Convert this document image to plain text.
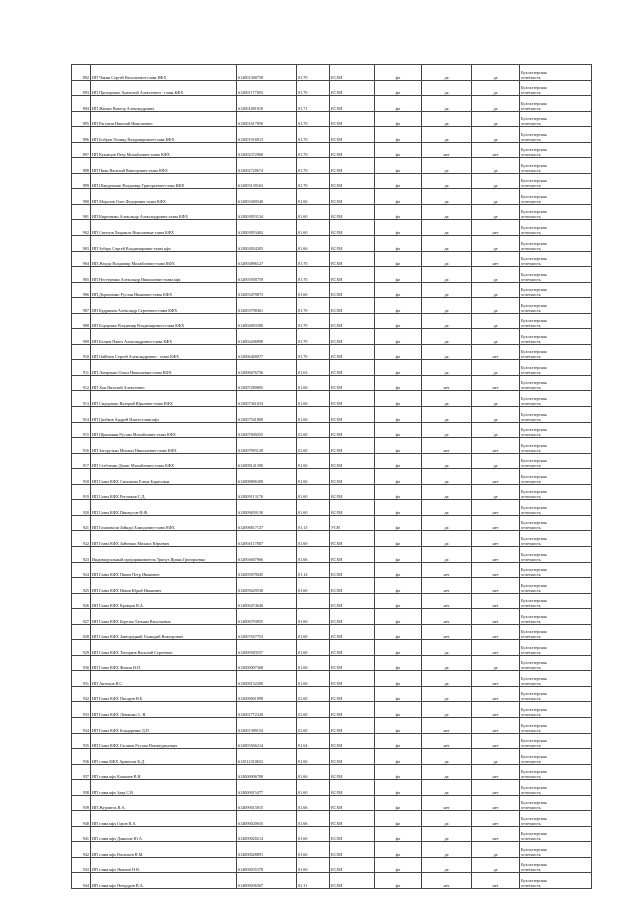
892	ИП Чакин Сергей Васильевич-глава КФХ	612001368758	01.70	ЕСХН	фл	да	да	Бухгалтерская
отчетность

893	ИП Прохоренко Анатолий Алексеевич - глава КФХ	612001177003	01.70	ЕСХН	фл	да	да	Бухгалтерская
отчетность

894	ИП Жилин Виктор Александрович	612001681810	01.71	ЕСХН	фл	да	да	Бухгалтерская
отчетность

895	ИП Рагунин Николай Николаевич	612001617850	01.70	ЕСХН	фл	да	да	Бухгалтерская
отчетность

896	ИП Бобров Леонид Владимирович-глава КФХ	612001916813	01.70	ЕСХН	фл	да	да	Бухгалтерская
отчетность

897	ИП Кузнецов Петр Михайлович-глава КФХ	612002372960	01.70	ЕСХН	фл	нет	нет	Бухгалтерская
отчетность

898	ИП Пиан Василий Викторович-глава КФХ	612002720674	01.70	ЕСХН	фл	да	да	Бухгалтерская
отчетность

899	ИП Шакурченко Владимир Григорьевич-глава КФХ	612003139163	01.70	ЕСХН	фл	да	да	Бухгалтерская
отчетность

900	ИП Морозов Олег Федорович-глава КФХ	612003369540	01.60	ЕСХН	фл	да	да	Бухгалтерская
отчетность

901	ИП Кириченко Александр Александрович-глава КФХ	612003853134	01.60	ЕСХН	фл	да	да	Бухгалтерская
отчетность

902	ИП Светлов Людмила Николаевна-глава КФХ	612003853402	01.60	ЕСХН	фл	да	нет	Бухгалтерская
отчетность

903	ИП Зубарь Сергей Владимирович-глава кфх	612003834305	01.66	ЕСХН	фл	да	да	Бухгалтерская
отчетность

904	ИП Жмуда Владимир Михайлович-глава КФХ	612003896127	01.70	ЕСХН	фл	да	нет	Бухгалтерская
отчетность

905	ИП Нестеренко Александр Николаевич-глава кфх	612003958759	01.70	ЕСХН	фл	да	да	Бухгалтерская
отчетность

906	ИП Дорошенко Руслан Иванович-глава КФХ	612003479873	01.60	ЕСХН	фл	да	да	Бухгалтерская
отчетность

907	ИП Кудряшов Александр Сергеевич-глава КФХ	612003798361	01.70	ЕСХН	фл	да	да	Бухгалтерская
отчетность

908	ИП Борщенко Владимир Владимирович-глава КФХ	612004003380	01.70	ЕСХН	фл	да	да	Бухгалтерская
отчетность

909	ИП Беляев Павел Александрович-глава КФХ	612004206990	01.70	ЕСХН	фл	да	да	Бухгалтерская
отчетность

910	ИП Ояйбаев Сергей Александрович - глава КФХ	612006468077	01.70	ЕСХН	фл	да	нет	Бухгалтерская
отчетность

911	ИП Лазаренко Ольга Николаевна-глава КФХ	612006676756	01.63	ЕСХН	фл	да	да	Бухгалтерская
отчетность

912	ИП Хон Виталий Алексеевич	612007280805	01.60	ЕСХН	фл	нет	нет	Бухгалтерская
отчетность

913	ИП Сидоренко Валерий Юрьевич-глава КФХ	612007361034	01.60	ЕСХН	фл	да	да	Бухгалтерская
отчетность

914	ИП Грибков Андрей Ильич-глава кфх	612007541800	01.60	ЕСХН	фл	да	да	Бухгалтерская
отчетность

915	ИП Шраманян Руслан Михайлович-глава КФХ	612007849255	01.60	ЕСХН	фл	да	да	Бухгалтерская
отчетность

916	ИП Загорулько Михаил Николаевич-глава КФХ	612007993129	01.60	ЕСХН	фл	нет	нет	Бухгалтерская
отчетность

917	ИП Стебленко Денис Михайлович-глава КФХ	612008141390	01.60	ЕСХН	фл	да	да	Бухгалтерская
отчетность

918	ИП Глава КФХ Симонова Елена Борисовна	612008806308	01.60	ЕСХН	фл	да	нет	Бухгалтерская
отчетность

919	ИП Глава КФХ Рогожков С.Д.	612009113176	01.60	ЕСХН	фл	да	да	Бухгалтерская
отчетность

920	ИП Глава КФХ Пинжусов Ф.Ф.	612009659130	01.60	ЕСХН	фл	да	нет	Бухгалтерская
отчетность

921	ИП Гахашвили Зайнди Хамидович-глава КФХ	612008817137	01.13	УСН	фл	да	нет	Бухгалтерская
отчетность

922	ИП Глава КФХ Зайченко Михаил Юрьевич	612004117807	01.60	ЕСХН	фл	да	нет	Бухгалтерская
отчетность

923	Индивидуальный предприниматель Трипуз Ирина Григорьевна	612004607966	01.66	ЕСХН	фл	да	нет	Бухгалтерская
отчетность

924	ИП Глава КФХ Пиков Петр Иванович	612005079045	01.12	ЕСХН	фл	нет	нет	Бухгалтерская
отчетность

925	ИП Глава КФХ Ивков Юрий Иванович	612005629530	01.60	ЕСХН	фл	нет	нет	Бухгалтерская
отчетность

926	ИП Глава КФХ Кравцов В.А.	612006474640		ЕСХН	фл	нет	нет	Бухгалтерская
отчетность

927	ИП Глава КФХ Березка Татьяна Васильевна	612006703955	01.60	ЕСХН	фл	нет	нет	Бухгалтерская
отчетность

928	ИП Глава КФХ Завгородний Геннадий Викторович	612007657753	01.60	ЕСХН	фл	нет	нет	Бухгалтерская
отчетность

929	ИП Глава КФХ Топорков Василий Сергеевич	612009583557	01.60	ЕСХН	фл	да	нет	Бухгалтерская
отчетность

930	ИП Глава КФХ Фокин Н.П.	612000007368	01.60	ЕСХН	фл	да	да	Бухгалтерская
отчетность

931	ИП Антонов В.С.	612000152200	01.60	ЕСХН	фл	да	нет	Бухгалтерская
отчетность

932	ИП Глава КФХ Писарев В.Б.	612000001098	01.60	ЕСХН	фл	да	нет	Бухгалтерская
отчетность

933	ИП Глава КФХ Левченко С. В.	612001772320	01.60	ЕСХН	фл	да	нет	Бухгалтерская
отчетность

934	ИП Глава КФХ Бондаренко Д.П.	612001389154	01.60	ЕСХН	фл	нет	нет	Бухгалтерская
отчетность

935	ИП Глава КФХ Гасанов Руслан Назимудинович	612003566214	01.64	ЕСХН	фл	нет	нет	Бухгалтерская
отчетность

936	ИП глава КФХ Аракелов К.Д.	612012310652	01.60	ЕСХН	фл	да	да	Бухгалтерская
отчетность

937	ИП глава кфх Кашкаев В.Н.	614000006780	01.66	ЕСХН	фл	да	нет	Бухгалтерская
отчетность

938	ИП глава кфх Заяц С.В.	614000015477	01.60	ЕСХН	фл	да	нет	Бухгалтерская
отчетность

939	ИП Журавель В.А.	614000015815	01.66	ЕСХН	фл	нет	нет	Бухгалтерская
отчетность

940	ИП глава кфх Горов В.А.	614000020635	01.66	ЕСХН	фл	да	нет	Бухгалтерская
отчетность

941	ИП глава кфх Данилов Ю.А.	614000020214	01.60	ЕСХН	фл	да	нет	Бухгалтерская
отчетность

942	ИП глава кфх Васильев В.М.	614000028891	01.66	ЕСХН	фл	да	да	Бухгалтерская
отчетность

943	ИП глава кфх Якимов Н.В.	614000035378	01.60	ЕСХН	фл	да	да	Бухгалтерская
отчетность

944	ИП глава кфх Немудров В.А.	614000036567	01.11	ЕСХН	фл	нет	нет	Бухгалтерская
отчетность
